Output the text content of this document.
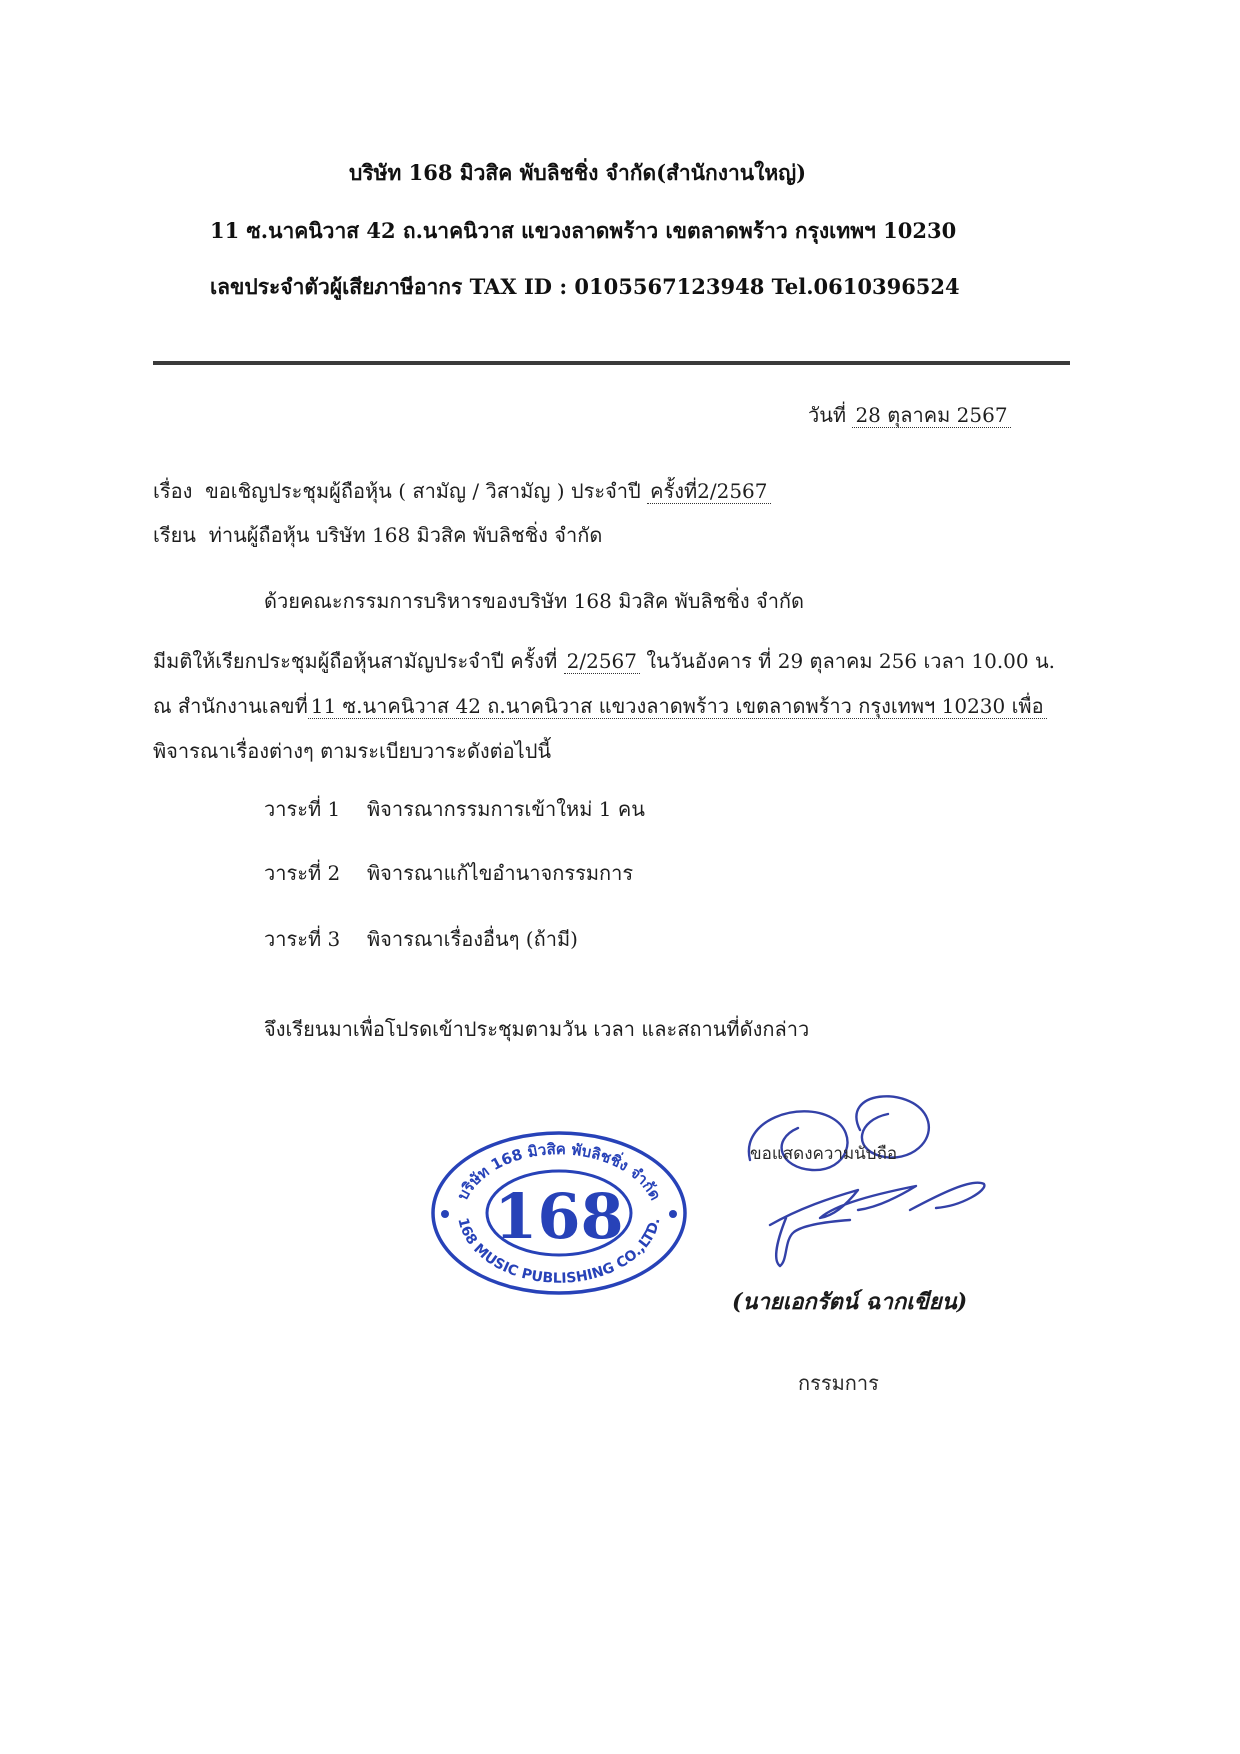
บริษัท 168 มิวสิค พับลิชชิ่ง จำกัด(สำนักงานใหญ่)
11 ซ.นาคนิวาส 42 ถ.นาคนิวาส แขวงลาดพร้าว เขตลาดพร้าว กรุงเทพฯ 10230
เลขประจำตัวผู้เสียภาษีอากร TAX ID : 0105567123948 Tel.0610396524
วันที่ 28 ตุลาคม 2567
เรื่อง ขอเชิญประชุมผู้ถือหุ้น ( สามัญ / วิสามัญ ) ประจำปี ครั้งที่2/2567
เรียน ท่านผู้ถือหุ้น บริษัท 168 มิวสิค พับลิชชิ่ง จำกัด
ด้วยคณะกรรมการบริหารของบริษัท 168 มิวสิค พับลิชชิ่ง จำกัด
มีมติให้เรียกประชุมผู้ถือหุ้นสามัญประจำปี ครั้งที่ 2/2567 ในวันอังคาร ที่ 29 ตุลาคม 256 เวลา 10.00 น.
ณ สำนักงานเลขที่ 11 ซ.นาคนิวาส 42 ถ.นาคนิวาส แขวงลาดพร้าว เขตลาดพร้าว กรุงเทพฯ 10230 เพื่อ
พิจารณาเรื่องต่างๆ ตามระเบียบวาระดังต่อไปนี้
วาระที่ 1 พิจารณากรรมการเข้าใหม่ 1 คน
วาระที่ 2 พิจารณาแก้ไขอำนาจกรรมการ
วาระที่ 3 พิจารณาเรื่องอื่นๆ (ถ้ามี)
จึงเรียนมาเพื่อโปรดเข้าประชุมตามวัน เวลา และสถานที่ดังกล่าว
บริษัท 168 มิวสิค พับลิชชิ่ง จำกัด
168
168 MUSIC PUBLISHING CO.,LTD.
ขอแสดงความนับถือ
(นายเอกรัตน์ ฉากเขียน)
กรรมการ
